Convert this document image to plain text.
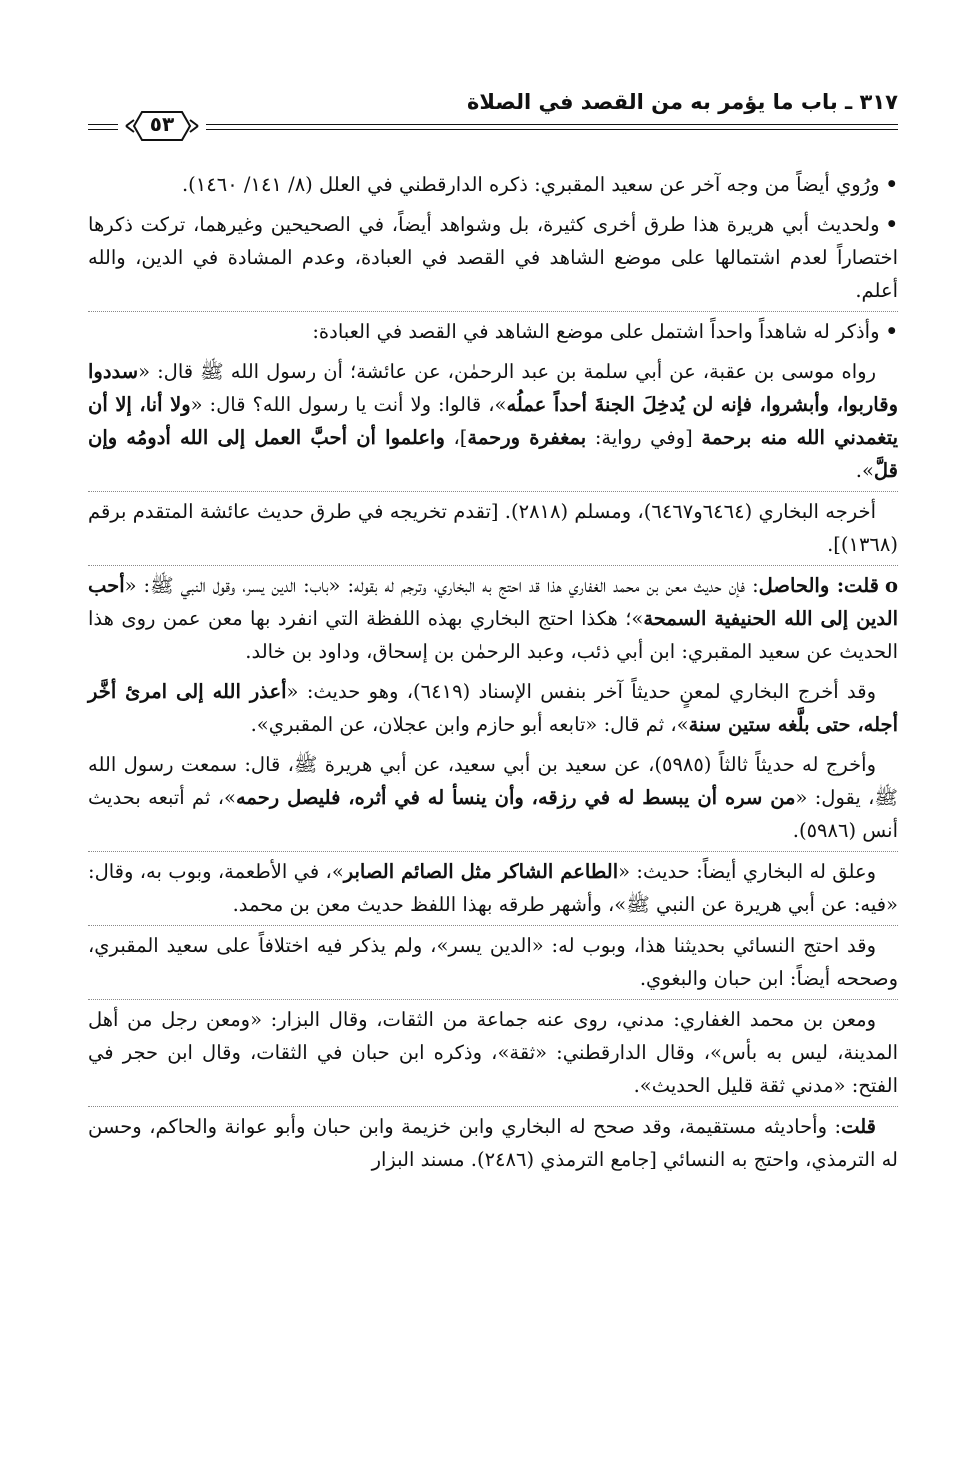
٣١٧ ـ باب ما يؤمر به من القصد في الصلاة
٥٣

•ورُوي أيضاً من وجه آخر عن سعيد المقبري: ذكره الدارقطني في العلل (٨/ ١٤١/ ١٤٦٠).

•ولحديث أبي هريرة هذا طرق أخرى كثيرة، بل وشواهد أيضاً، في الصحيحين وغيرهما، تركت ذكرها اختصاراً لعدم اشتمالها على موضع الشاهد في القصد في العبادة، وعدم المشادة في الدين، والله أعلم.

•وأذكر له شاهداً واحداً اشتمل على موضع الشاهد في القصد في العبادة:

رواه موسى بن عقبة، عن أبي سلمة بن عبد الرحمٰن، عن عائشة؛ أن رسول الله ﷺ قال: «سددوا وقاربوا، وأبشروا، فإنه لن يُدخِلَ الجنةَ أحداً عملُه»، قالوا: ولا أنت يا رسول الله؟ قال: «ولا أنا، إلا أن يتغمدني الله منه برحمة [وفي رواية: بمغفرة ورحمة]، واعلموا أن أحبَّ العمل إلى الله أدومُه وإن قلَّ».

أخرجه البخاري (٦٤٦٤و٦٤٦٧)، ومسلم (٢٨١٨). [تقدم تخريجه في طرق حديث عائشة المتقدم برقم (١٣٦٨)].

oقلت: والحاصل: فإن حديث معن بن محمد الغفاري هذا قد احتج به البخاري، وترجم له بقوله: «باب: الدين يسر، وقول النبي ﷺ: «أحب الدين إلى الله الحنيفية السمحة»؛ هكذا احتج البخاري بهذه اللفظة التي انفرد بها معن عمن روى هذا الحديث عن سعيد المقبري: ابن أبي ذئب، وعبد الرحمٰن بن إسحاق، وداود بن خالد.

وقد أخرج البخاري لمعنٍ حديثاً آخر بنفس الإسناد (٦٤١٩)، وهو حديث: «أعذر الله إلى امرئ أخَّر أجله، حتى بلَّغه ستين سنة»، ثم قال: «تابعه أبو حازم وابن عجلان، عن المقبري».

وأخرج له حديثاً ثالثاً (٥٩٨٥)، عن سعيد بن أبي سعيد، عن أبي هريرة ﷺ، قال: سمعت رسول الله ﷺ، يقول: «من سره أن يبسط له في رزقه، وأن ينسأ له في أثره، فليصل رحمه»، ثم أتبعه بحديث أنس (٥٩٨٦).

وعلق له البخاري أيضاً: حديث: «الطاعم الشاكر مثل الصائم الصابر»، في الأطعمة، وبوب به، وقال: «فيه: عن أبي هريرة عن النبي ﷺ»، وأشهر طرقه بهذا اللفظ حديث معن بن محمد.

وقد احتج النسائي بحديثنا هذا، وبوب له: «الدين يسر»، ولم يذكر فيه اختلافاً على سعيد المقبري، وصححه أيضاً: ابن حبان والبغوي.

ومعن بن محمد الغفاري: مدني، روى عنه جماعة من الثقات، وقال البزار: «ومعن رجل من أهل المدينة، ليس به بأس»، وقال الدارقطني: «ثقة»، وذكره ابن حبان في الثقات، وقال ابن حجر في الفتح: «مدني ثقة قليل الحديث».

قلت: وأحاديثه مستقيمة، وقد صحح له البخاري وابن خزيمة وابن حبان وأبو عوانة والحاكم، وحسن له الترمذي، واحتج به النسائي [جامع الترمذي (٢٤٨٦). مسند البزار
